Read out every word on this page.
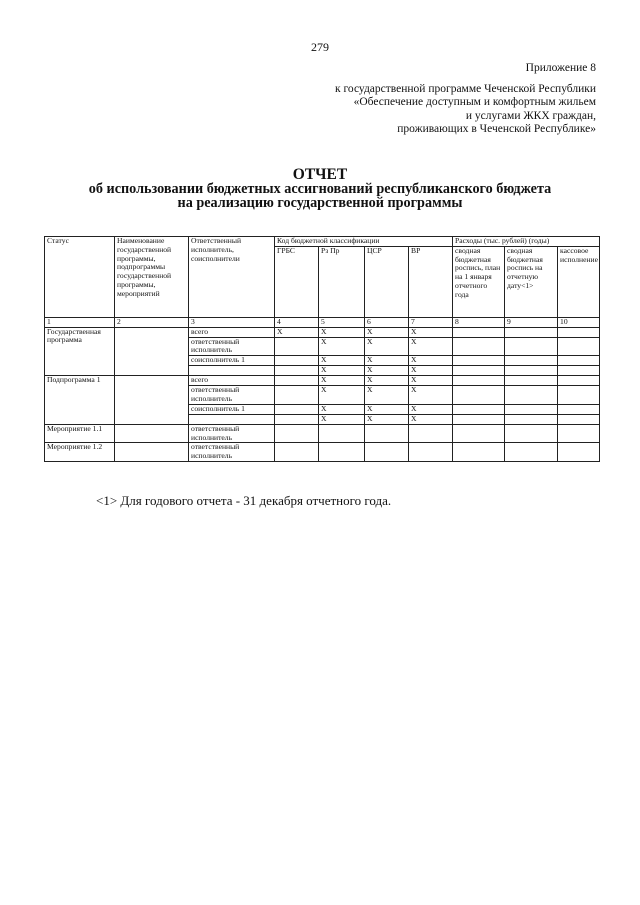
279
Приложение 8
к государственной программе Чеченской Республики
«Обеспечение доступным и комфортным жильем
и услугами ЖКХ граждан,
проживающих в Чеченской Республике»
ОТЧЕТ
об использовании бюджетных ассигнований республиканского бюджета на реализацию государственной программы
Статус	Наименование государственной программы, подпрограммы государственной программы, мероприятий	Ответственный исполнитель, соисполнители	Код бюджетной классификации				Расходы (тыс. рублей) (годы)		
			ГРБС	Рз Пр	ЦСР	ВР	сводная бюджетная роспись, план на 1 января отчетного года	сводная бюджетная роспись на отчетную дату<1>	кассовое исполнение
1	2	3	4	5	6	7	8	9	10
Государственная программа		всего	X	X	X	X			
		ответственный исполнитель		X	X	X			
		соисполнитель 1		X	X	X			
				X	X	X			
Подпрограмма 1		всего		X	X	X			
		ответственный исполнитель		X	X	X			
		соисполнитель 1		X	X	X			
				X	X	X			
Мероприятие 1.1		ответственный исполнитель							
Мероприятие 1.2		ответственный исполнитель							
<1> Для годового отчета - 31 декабря отчетного года.
